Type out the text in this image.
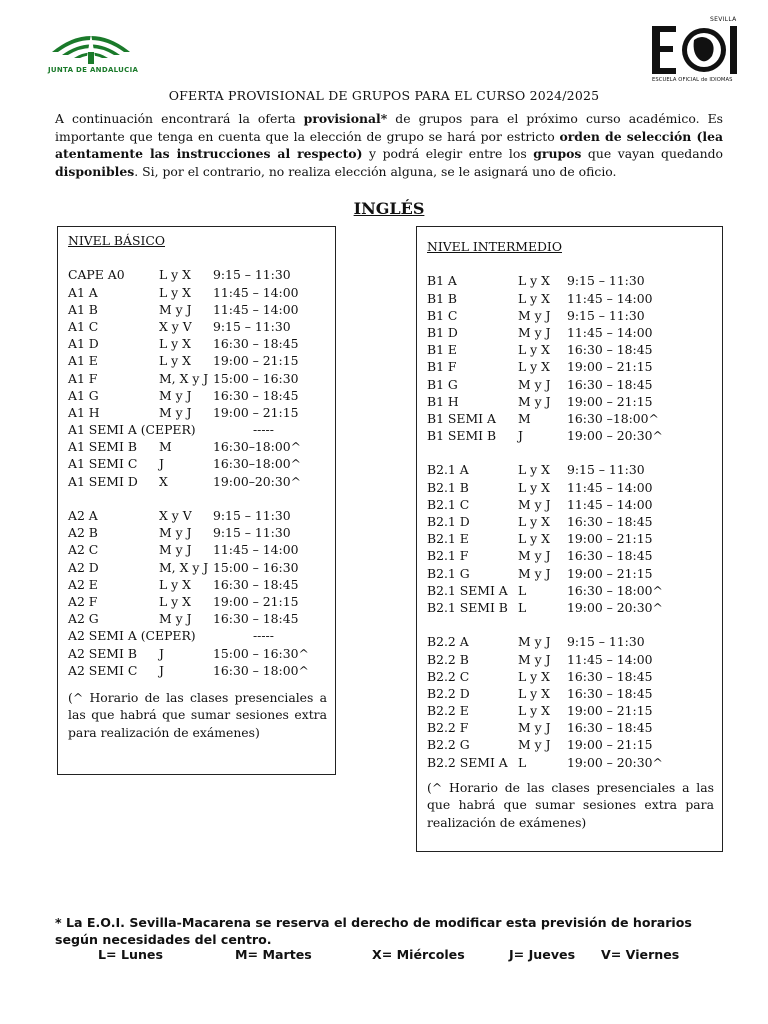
JUNTA DE ANDALUCIA
SEVILLA
ESCUELA OFICIAL de IDIOMAS
OFERTA PROVISIONAL DE GRUPOS PARA EL CURSO 2024/2025
A continuación encontrará la oferta provisional* de grupos para el próximo curso académico. Es importante que tenga en cuenta que la elección de grupo se hará por estricto orden de selección (lea atentamente las instrucciones al respecto) y podrá elegir entre los grupos que vayan quedando disponibles. Si, por el contrario, no realiza elección alguna, se le asignará uno de oficio.
INGLÉS
NIVEL BÁSICO
CAPE A0	L y X 9:15 – 11:30
A1 A	L y X 11:45 – 14:00
A1 B	M y J 11:45 – 14:00
A1 C	X y V 9:15 – 11:30
A1 D	L y X 16:30 – 18:45
A1 E	L y X 19:00 – 21:15
A1 F	M, X y J 15:00 – 16:30
A1 G	M y J 16:30 – 18:45
A1 H	M y J 19:00 – 21:15
A1 SEMI A (CEPER)	-----
A1 SEMI B M	16:30–18:00^
A1 SEMI C J	16:30–18:00^
A1 SEMI D X	19:00–20:30^
A2 A	X y V 9:15 – 11:30
A2 B	M y J 9:15 – 11:30
A2 C	M y J 11:45 – 14:00
A2 D	M, X y J 15:00 – 16:30
A2 E	L y X 16:30 – 18:45
A2 F	L y X 19:00 – 21:15
A2 G	M y J 16:30 – 18:45
A2 SEMI A (CEPER)	-----
A2 SEMI B J	15:00 – 16:30^
A2 SEMI C J	16:30 – 18:00^
(^ Horario de las clases presenciales a las que habrá que sumar sesiones extra para realización de exámenes)
NIVEL INTERMEDIO
B1 A	L y X 9:15 – 11:30
B1 B	L y X 11:45 – 14:00
B1 C	M y J 9:15 – 11:30
B1 D	M y J 11:45 – 14:00
B1 E	L y X 16:30 – 18:45
B1 F	L y X 19:00 – 21:15
B1 G	M y J 16:30 – 18:45
B1 H	M y J 19:00 – 21:15
B1 SEMI A M	16:30 –18:00^
B1 SEMI B J	19:00 – 20:30^
B2.1 A	L y X 9:15 – 11:30
B2.1 B	L y X 11:45 – 14:00
B2.1 C	M y J 11:45 – 14:00
B2.1 D	L y X 16:30 – 18:45
B2.1 E	L y X 19:00 – 21:15
B2.1 F	M y J 16:30 – 18:45
B2.1 G	M y J 19:00 – 21:15
B2.1 SEMI A L	16:30 – 18:00^
B2.1 SEMI B L	19:00 – 20:30^
B2.2 A	M y J 9:15 – 11:30
B2.2 B	M y J 11:45 – 14:00
B2.2 C	L y X 16:30 – 18:45
B2.2 D	L y X 16:30 – 18:45
B2.2 E	L y X 19:00 – 21:15
B2.2 F	M y J 16:30 – 18:45
B2.2 G	M y J 19:00 – 21:15
B2.2 SEMI A L	19:00 – 20:30^
(^ Horario de las clases presenciales a las que habrá que sumar sesiones extra para realización de exámenes)
* La E.O.I. Sevilla-Macarena se reserva el derecho de modificar esta previsión de horarios según necesidades del centro.
L= Lunes	M= Martes	X= Miércoles	J= Jueves V= Viernes
